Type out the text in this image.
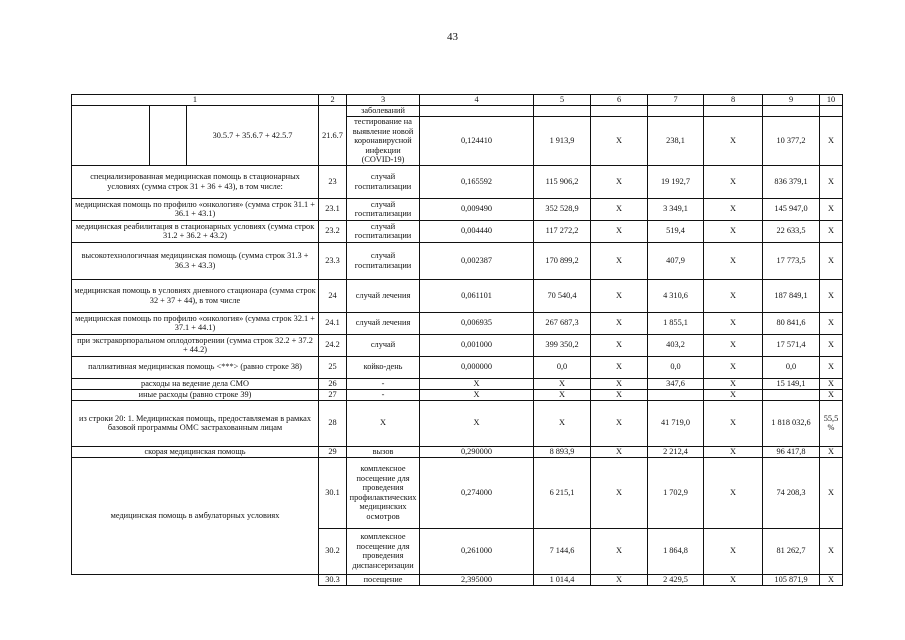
43
1			2	3	4	5	6	7	8	9	10
		30.5.7 + 35.6.7 + 42.5.7	21.6.7	заболеваний							
				тестирование на выявление новой коронавирусной инфекции (COVID-19)	0,124410	1 913,9	X	238,1	X	10 377,2	X
специализированная медицинская помощь в стационарных условиях (сумма строк 31 + 36 + 43), в том числе:			23	случай госпитализации	0,165592	115 906,2	X	19 192,7	X	836 379,1	X
медицинская помощь по профилю «онкология» (сумма строк 31.1 + 36.1 + 43.1)			23.1	случай госпитализации	0,009490	352 528,9	X	3 349,1	X	145 947,0	X
медицинская реабилитация в стационарных условиях (сумма строк 31.2 + 36.2 + 43.2)			23.2	случай госпитализации	0,004440	117 272,2	X	519,4	X	22 633,5	X
высокотехнологичная медицинская помощь (сумма строк 31.3 + 36.3 + 43.3)			23.3	случай госпитализации	0,002387	170 899,2	X	407,9	X	17 773,5	X
медицинская помощь в условиях дневного стационара (сумма строк 32 + 37 + 44), в том числе			24	случай лечения	0,061101	70 540,4	X	4 310,6	X	187 849,1	X
медицинская помощь по профилю «онкология» (сумма строк 32.1 + 37.1 + 44.1)			24.1	случай лечения	0,006935	267 687,3	X	1 855,1	X	80 841,6	X
при экстракорпоральном оплодотворении (сумма строк 32.2 + 37.2 + 44.2)			24.2	случай	0,001000	399 350,2	X	403,2	X	17 571,4	X
паллиативная медицинская помощь <***> (равно строке 38)			25	койко-день	0,000000	0,0	X	0,0	X	0,0	X
расходы на ведение дела СМО			26	-	X	X	X	347,6	X	15 149,1	X
иные расходы (равно строке 39)			27	-	X	X	X		X		X
из строки 20: 1. Медицинская помощь, предоставляемая в рамках базовой программы ОМС застрахованным лицам			28	X	X	X	X	41 719,0	X	1 818 032,6	55,5 %
скорая медицинская помощь			29	вызов	0,290000	8 893,9	X	2 212,4	X	96 417,8	X
медицинская помощь в амбулаторных условиях			30.1	комплексное посещение для проведения профилактических медицинских осмотров	0,274000	6 215,1	X	1 702,9	X	74 208,3	X
			30.2	комплексное посещение для проведения диспансеризации	0,261000	7 144,6	X	1 864,8	X	81 262,7	X
			30.3	посещение	2,395000	1 014,4	X	2 429,5	X	105 871,9	X
